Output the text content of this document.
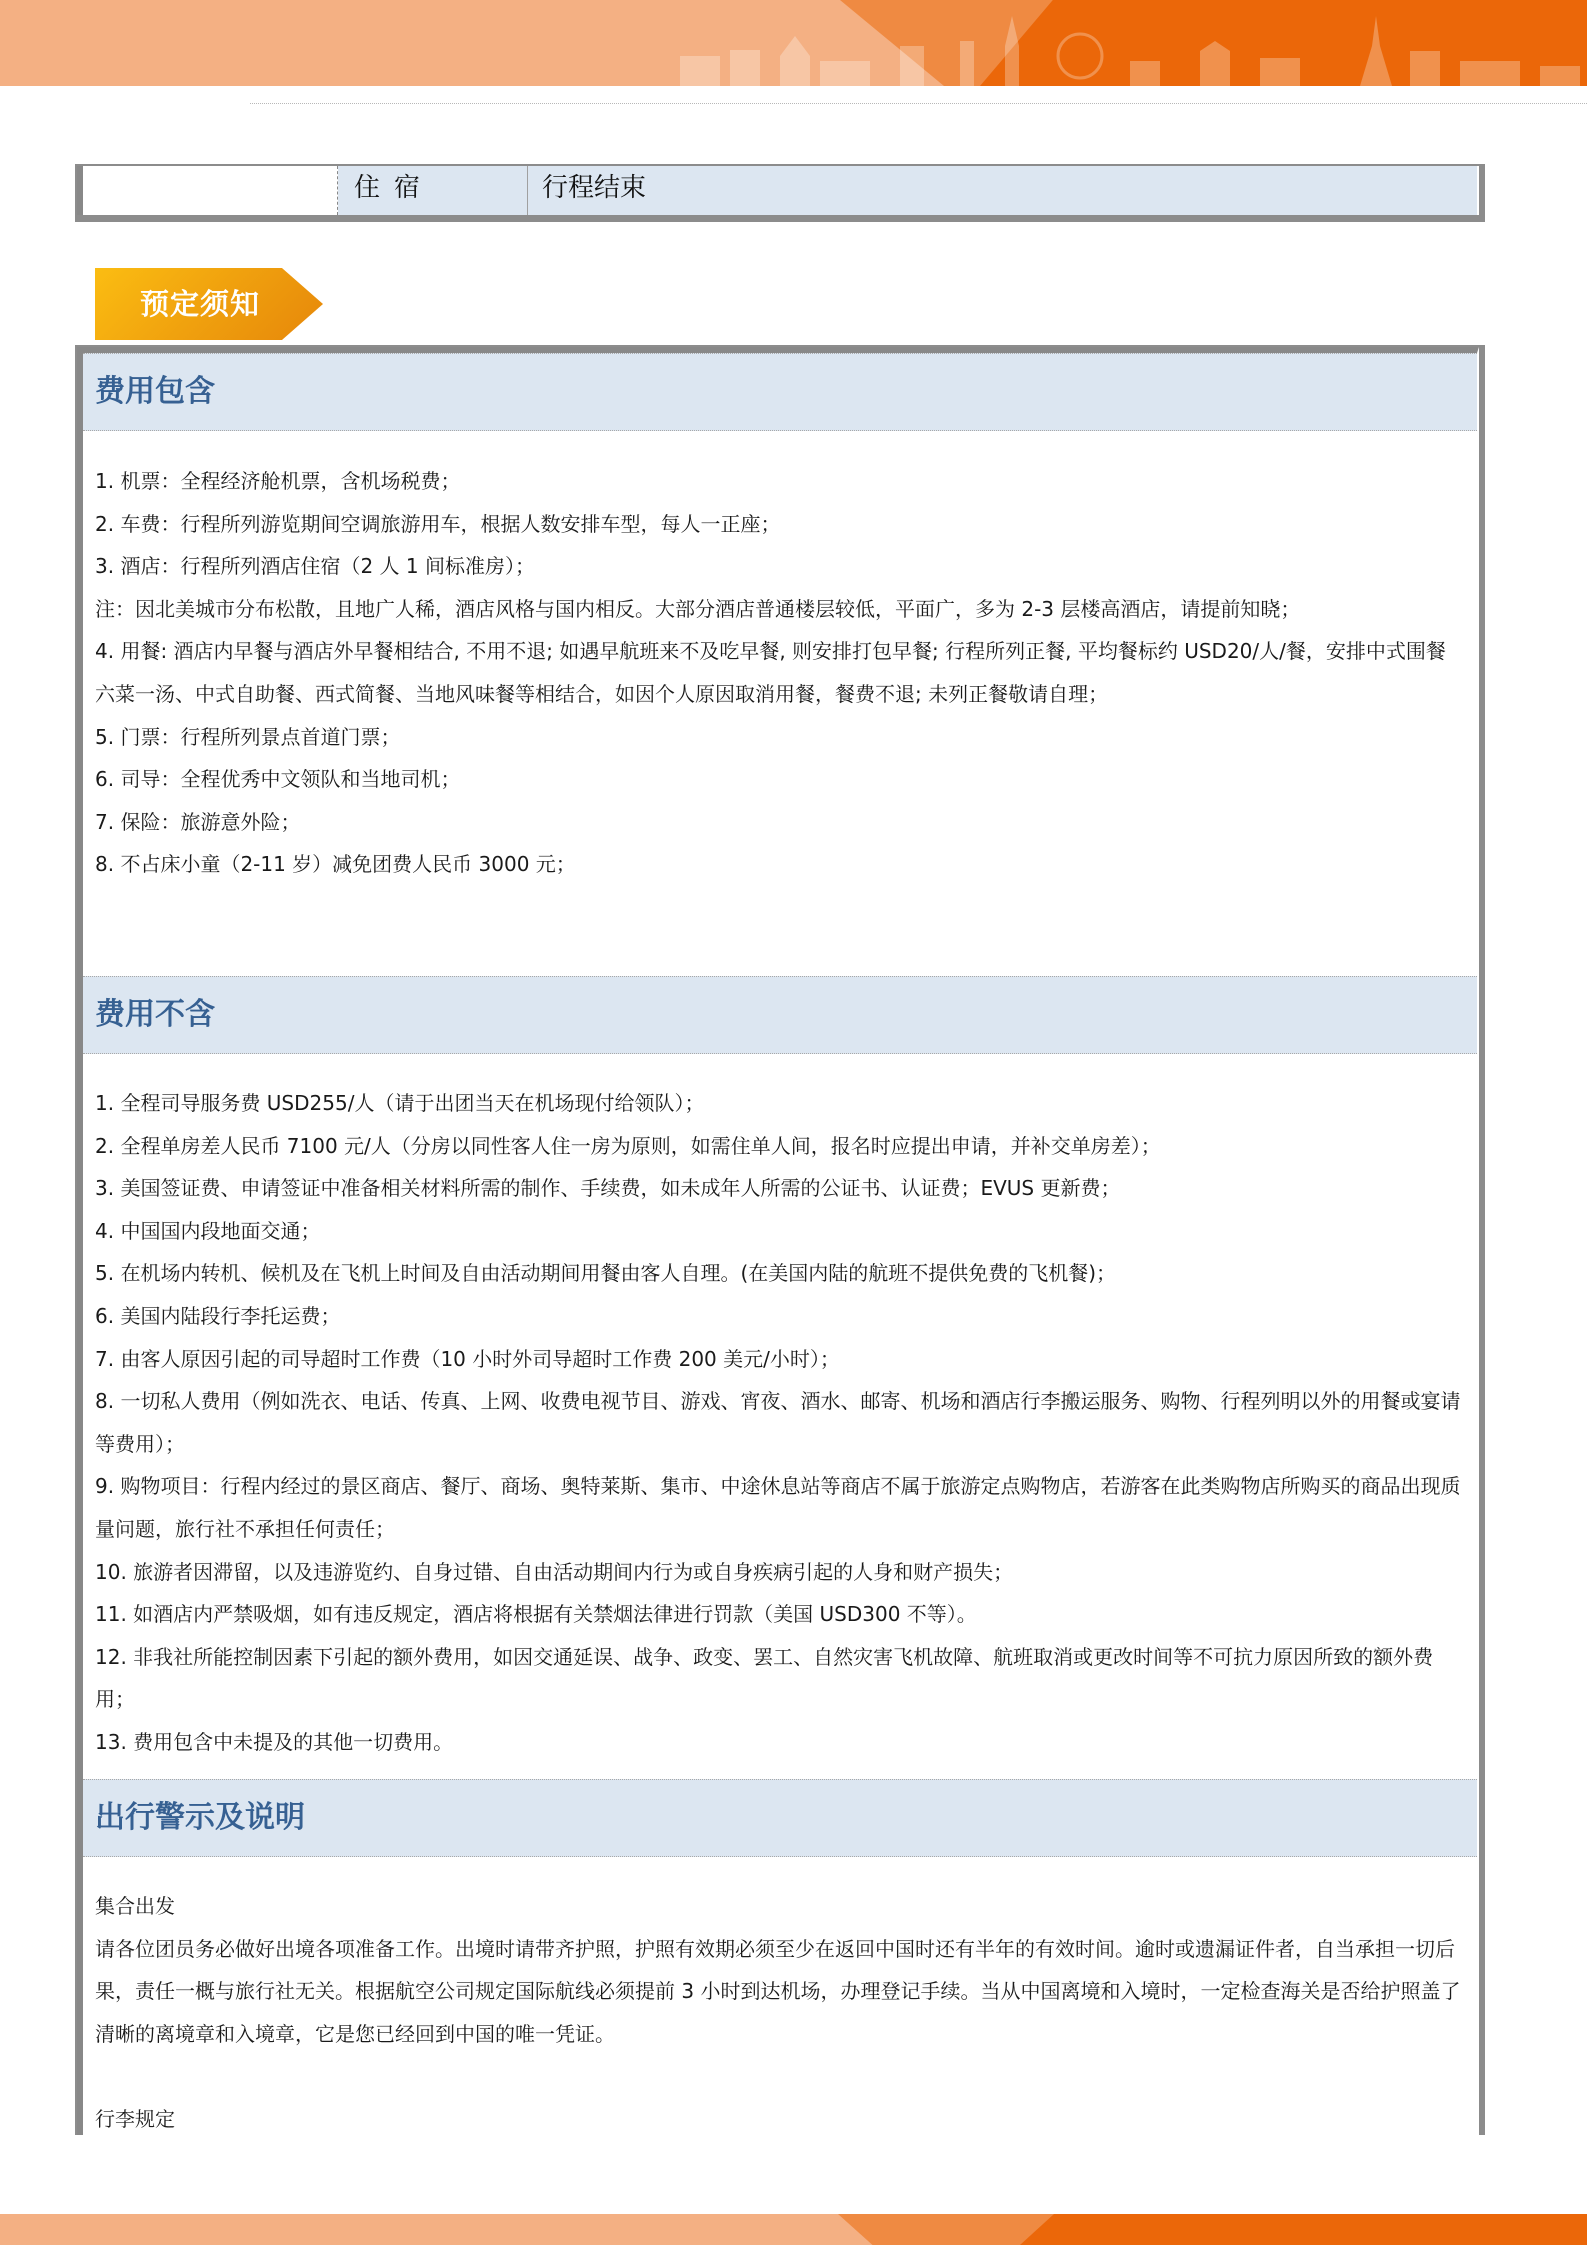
住宿	行程结束
预定须知
费用包含
1. 机票：全程经济舱机票，含机场税费；
2. 车费：行程所列游览期间空调旅游用车，根据人数安排车型，每人一正座；
3. 酒店：行程所列酒店住宿（2 人 1 间标准房）；
注：因北美城市分布松散，且地广人稀，酒店风格与国内相反。大部分酒店普通楼层较低，平面广，多为 2-3 层楼高酒店，请提前知晓；
4. 用餐: 酒店内早餐与酒店外早餐相结合, 不用不退; 如遇早航班来不及吃早餐, 则安排打包早餐; 行程所列正餐, 平均餐标约 USD20/人/餐，安排中式围餐六菜一汤、中式自助餐、西式简餐、当地风味餐等相结合，如因个人原因取消用餐，餐费不退; 未列正餐敬请自理；
5. 门票：行程所列景点首道门票；
6. 司导：全程优秀中文领队和当地司机；
7. 保险：旅游意外险；
8. 不占床小童（2-11 岁）减免团费人民币 3000 元；
费用不含
1. 全程司导服务费 USD255/人（请于出团当天在机场现付给领队）；
2. 全程单房差人民币 7100 元/人（分房以同性客人住一房为原则，如需住单人间，报名时应提出申请，并补交单房差）；
3. 美国签证费、申请签证中准备相关材料所需的制作、手续费，如未成年人所需的公证书、认证费；EVUS 更新费；
4. 中国国内段地面交通；
5. 在机场内转机、候机及在飞机上时间及自由活动期间用餐由客人自理。(在美国内陆的航班不提供免费的飞机餐)；
6. 美国内陆段行李托运费；
7. 由客人原因引起的司导超时工作费（10 小时外司导超时工作费 200 美元/小时）；
8. 一切私人费用（例如洗衣、电话、传真、上网、收费电视节目、游戏、宵夜、酒水、邮寄、机场和酒店行李搬运服务、购物、行程列明以外的用餐或宴请等费用）；
9. 购物项目：行程内经过的景区商店、餐厅、商场、奥特莱斯、集市、中途休息站等商店不属于旅游定点购物店，若游客在此类购物店所购买的商品出现质量问题，旅行社不承担任何责任；
10. 旅游者因滞留，以及违游览约、自身过错、自由活动期间内行为或自身疾病引起的人身和财产损失；
11. 如酒店内严禁吸烟，如有违反规定，酒店将根据有关禁烟法律进行罚款（美国 USD300 不等）。
12. 非我社所能控制因素下引起的额外费用，如因交通延误、战争、政变、罢工、自然灾害飞机故障、航班取消或更改时间等不可抗力原因所致的额外费用；
13. 费用包含中未提及的其他一切费用。
出行警示及说明
集合出发
请各位团员务必做好出境各项准备工作。出境时请带齐护照，护照有效期必须至少在返回中国时还有半年的有效时间。逾时或遗漏证件者，自当承担一切后果，责任一概与旅行社无关。根据航空公司规定国际航线必须提前 3 小时到达机场，办理登记手续。当从中国离境和入境时，一定检查海关是否给护照盖了清晰的离境章和入境章，它是您已经回到中国的唯一凭证。
行李规定
